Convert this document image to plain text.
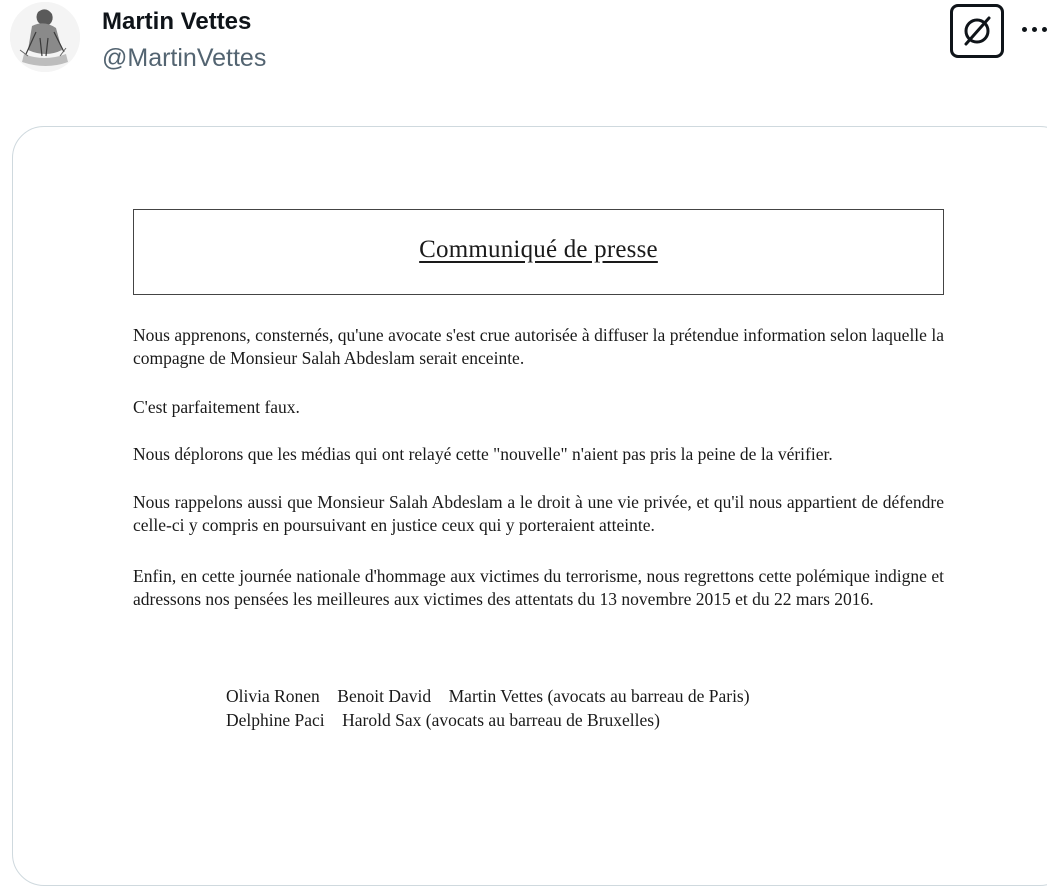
Martin Vettes
@MartinVettes
Communiqué de presse

Nous apprenons, consternés, qu'une avocate s'est crue autorisée à diffuser la prétendue information selon laquelle la compagne de Monsieur Salah Abdeslam serait enceinte.

C'est parfaitement faux.

Nous déplorons que les médias qui ont relayé cette "nouvelle" n'aient pas pris la peine de la vérifier.

Nous rappelons aussi que Monsieur Salah Abdeslam a le droit à une vie privée, et qu'il nous appartient de défendre celle-ci y compris en poursuivant en justice ceux qui y porteraient atteinte.

Enfin, en cette journée nationale d'hommage aux victimes du terrorisme, nous regrettons cette polémique indigne et adressons nos pensées les meilleures aux victimes des attentats du 13 novembre 2015 et du 22 mars 2016.

Olivia Ronen    Benoit David    Martin Vettes (avocats au barreau de Paris)
Delphine Paci    Harold Sax (avocats au barreau de Bruxelles)
